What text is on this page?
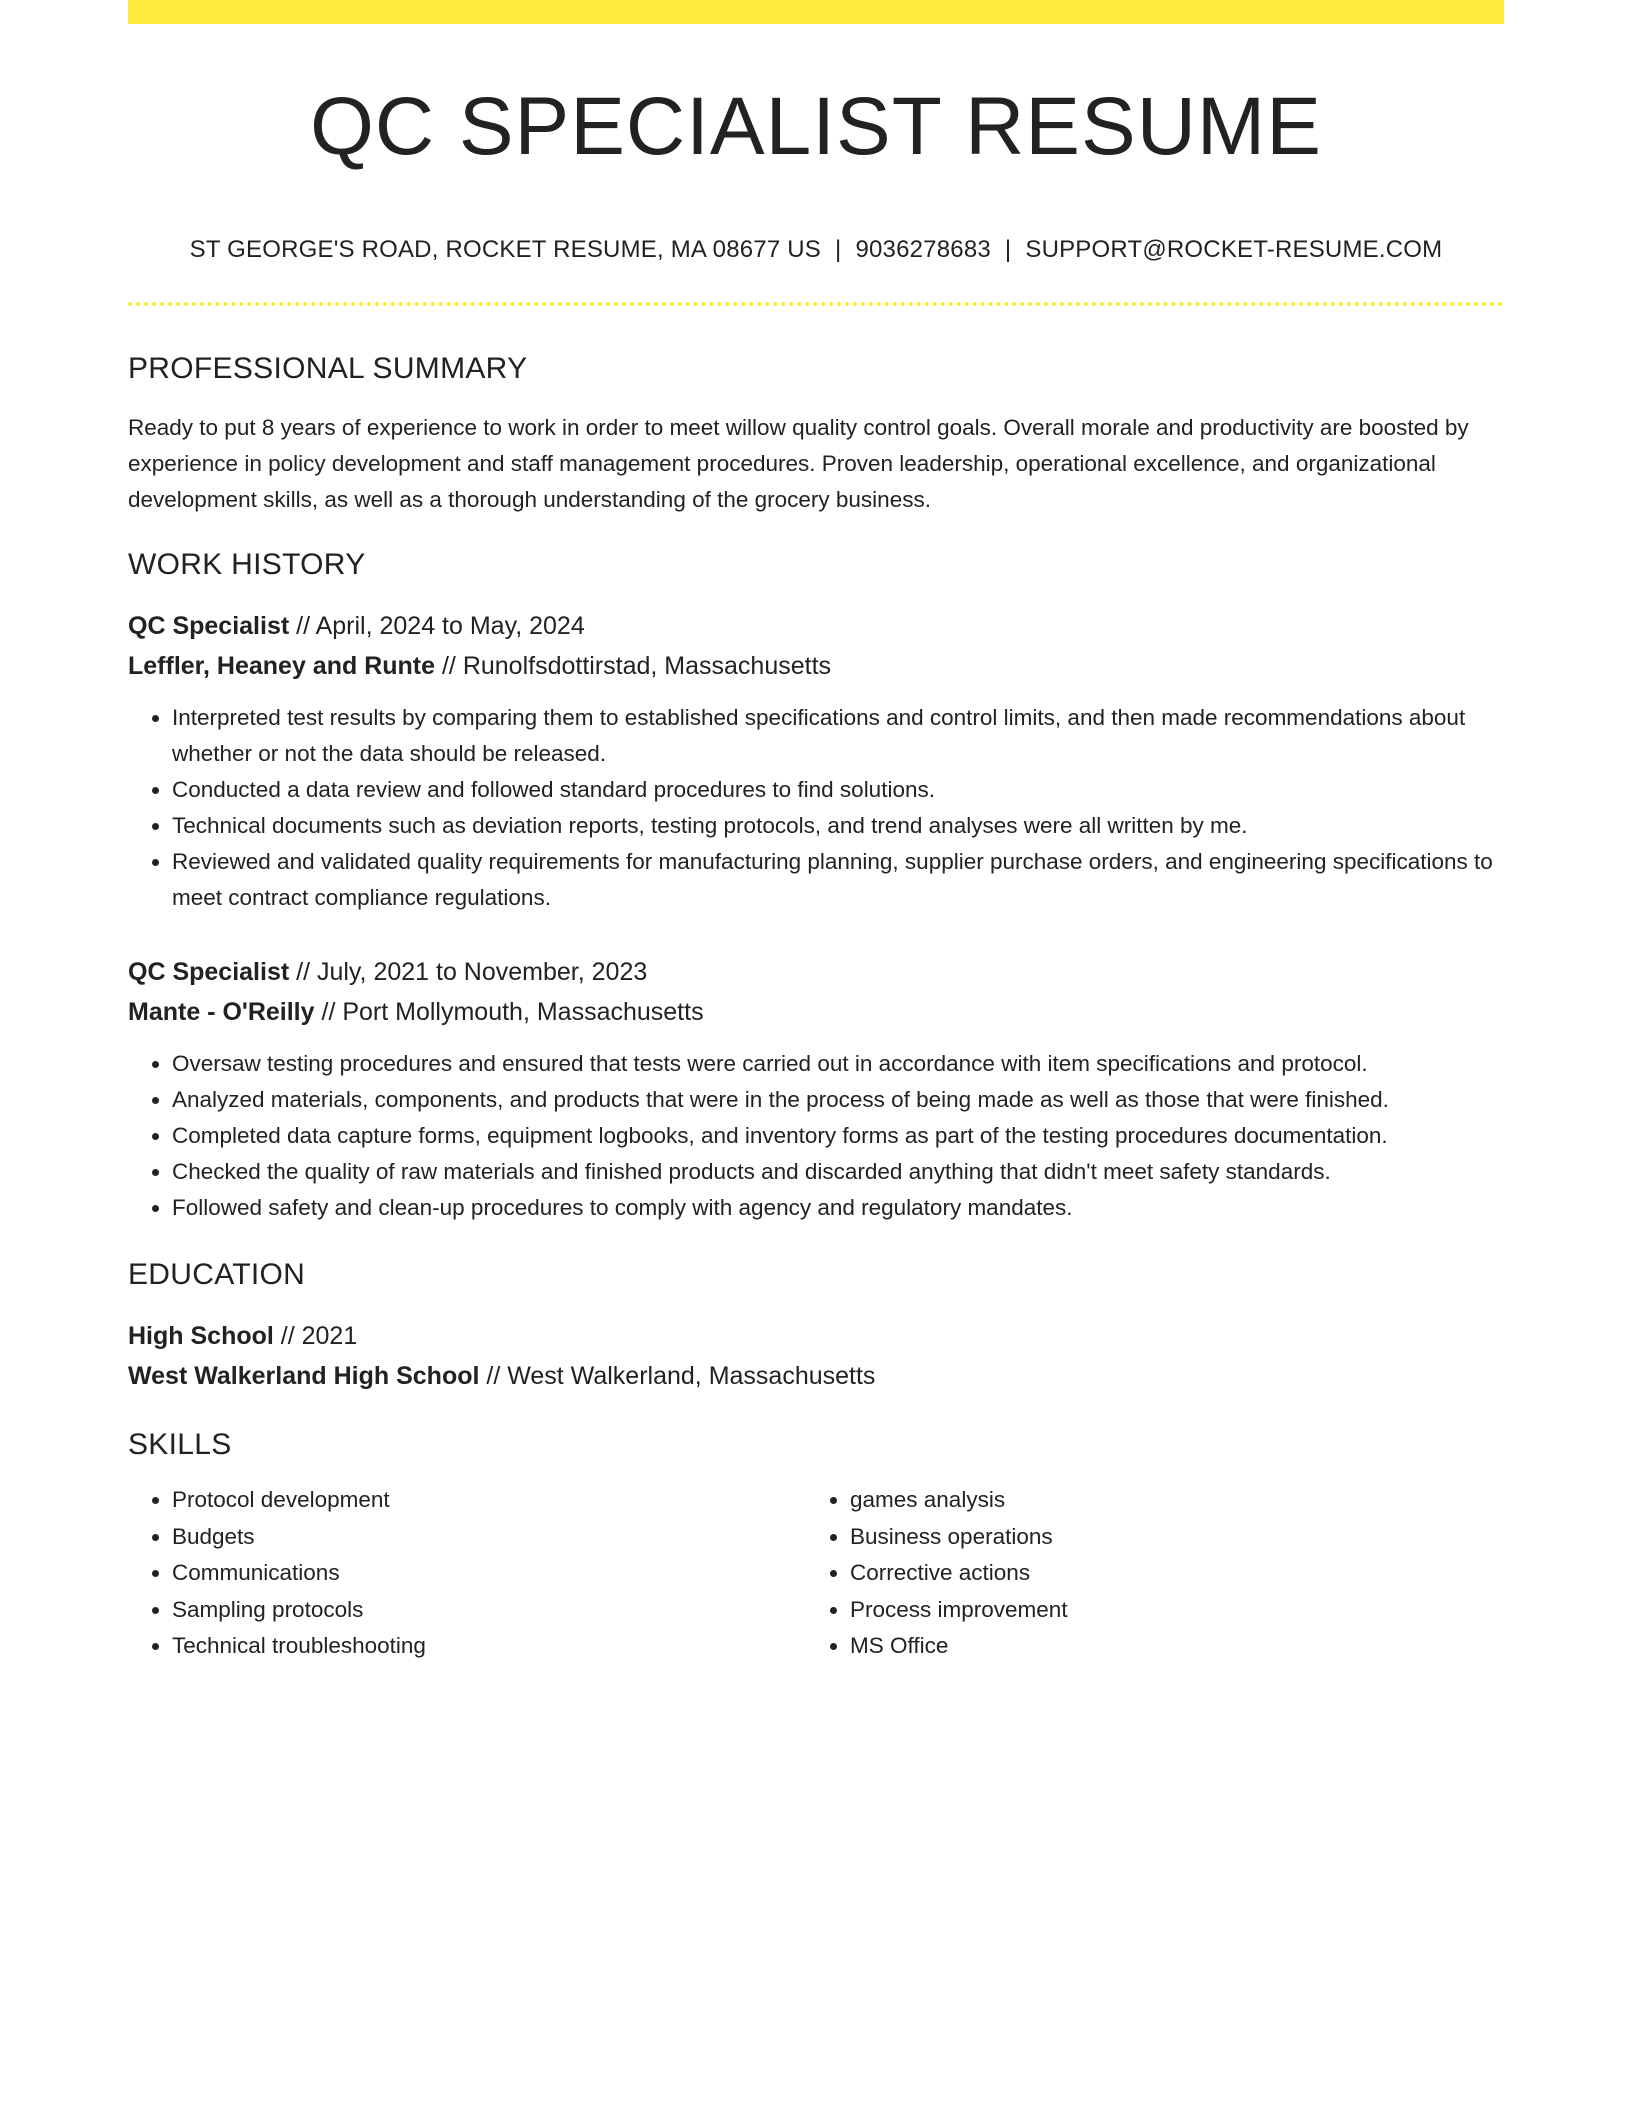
QC SPECIALIST RESUME
ST GEORGE'S ROAD, ROCKET RESUME, MA 08677 US | 9036278683 | SUPPORT@ROCKET-RESUME.COM
PROFESSIONAL SUMMARY
Ready to put 8 years of experience to work in order to meet willow quality control goals. Overall morale and productivity are boosted by experience in policy development and staff management procedures. Proven leadership, operational excellence, and organizational development skills, as well as a thorough understanding of the grocery business.
WORK HISTORY
QC Specialist // April, 2024 to May, 2024
Leffler, Heaney and Runte // Runolfsdottirstad, Massachusetts
• Interpreted test results by comparing them to established specifications and control limits, and then made recommendations about whether or not the data should be released.
• Conducted a data review and followed standard procedures to find solutions.
• Technical documents such as deviation reports, testing protocols, and trend analyses were all written by me.
• Reviewed and validated quality requirements for manufacturing planning, supplier purchase orders, and engineering specifications to meet contract compliance regulations.
QC Specialist // July, 2021 to November, 2023
Mante - O'Reilly // Port Mollymouth, Massachusetts
• Oversaw testing procedures and ensured that tests were carried out in accordance with item specifications and protocol.
• Analyzed materials, components, and products that were in the process of being made as well as those that were finished.
• Completed data capture forms, equipment logbooks, and inventory forms as part of the testing procedures documentation.
• Checked the quality of raw materials and finished products and discarded anything that didn't meet safety standards.
• Followed safety and clean-up procedures to comply with agency and regulatory mandates.
EDUCATION
High School // 2021
West Walkerland High School // West Walkerland, Massachusetts
SKILLS
• Protocol development
• Budgets
• Communications
• Sampling protocols
• Technical troubleshooting
• games analysis
• Business operations
• Corrective actions
• Process improvement
• MS Office
